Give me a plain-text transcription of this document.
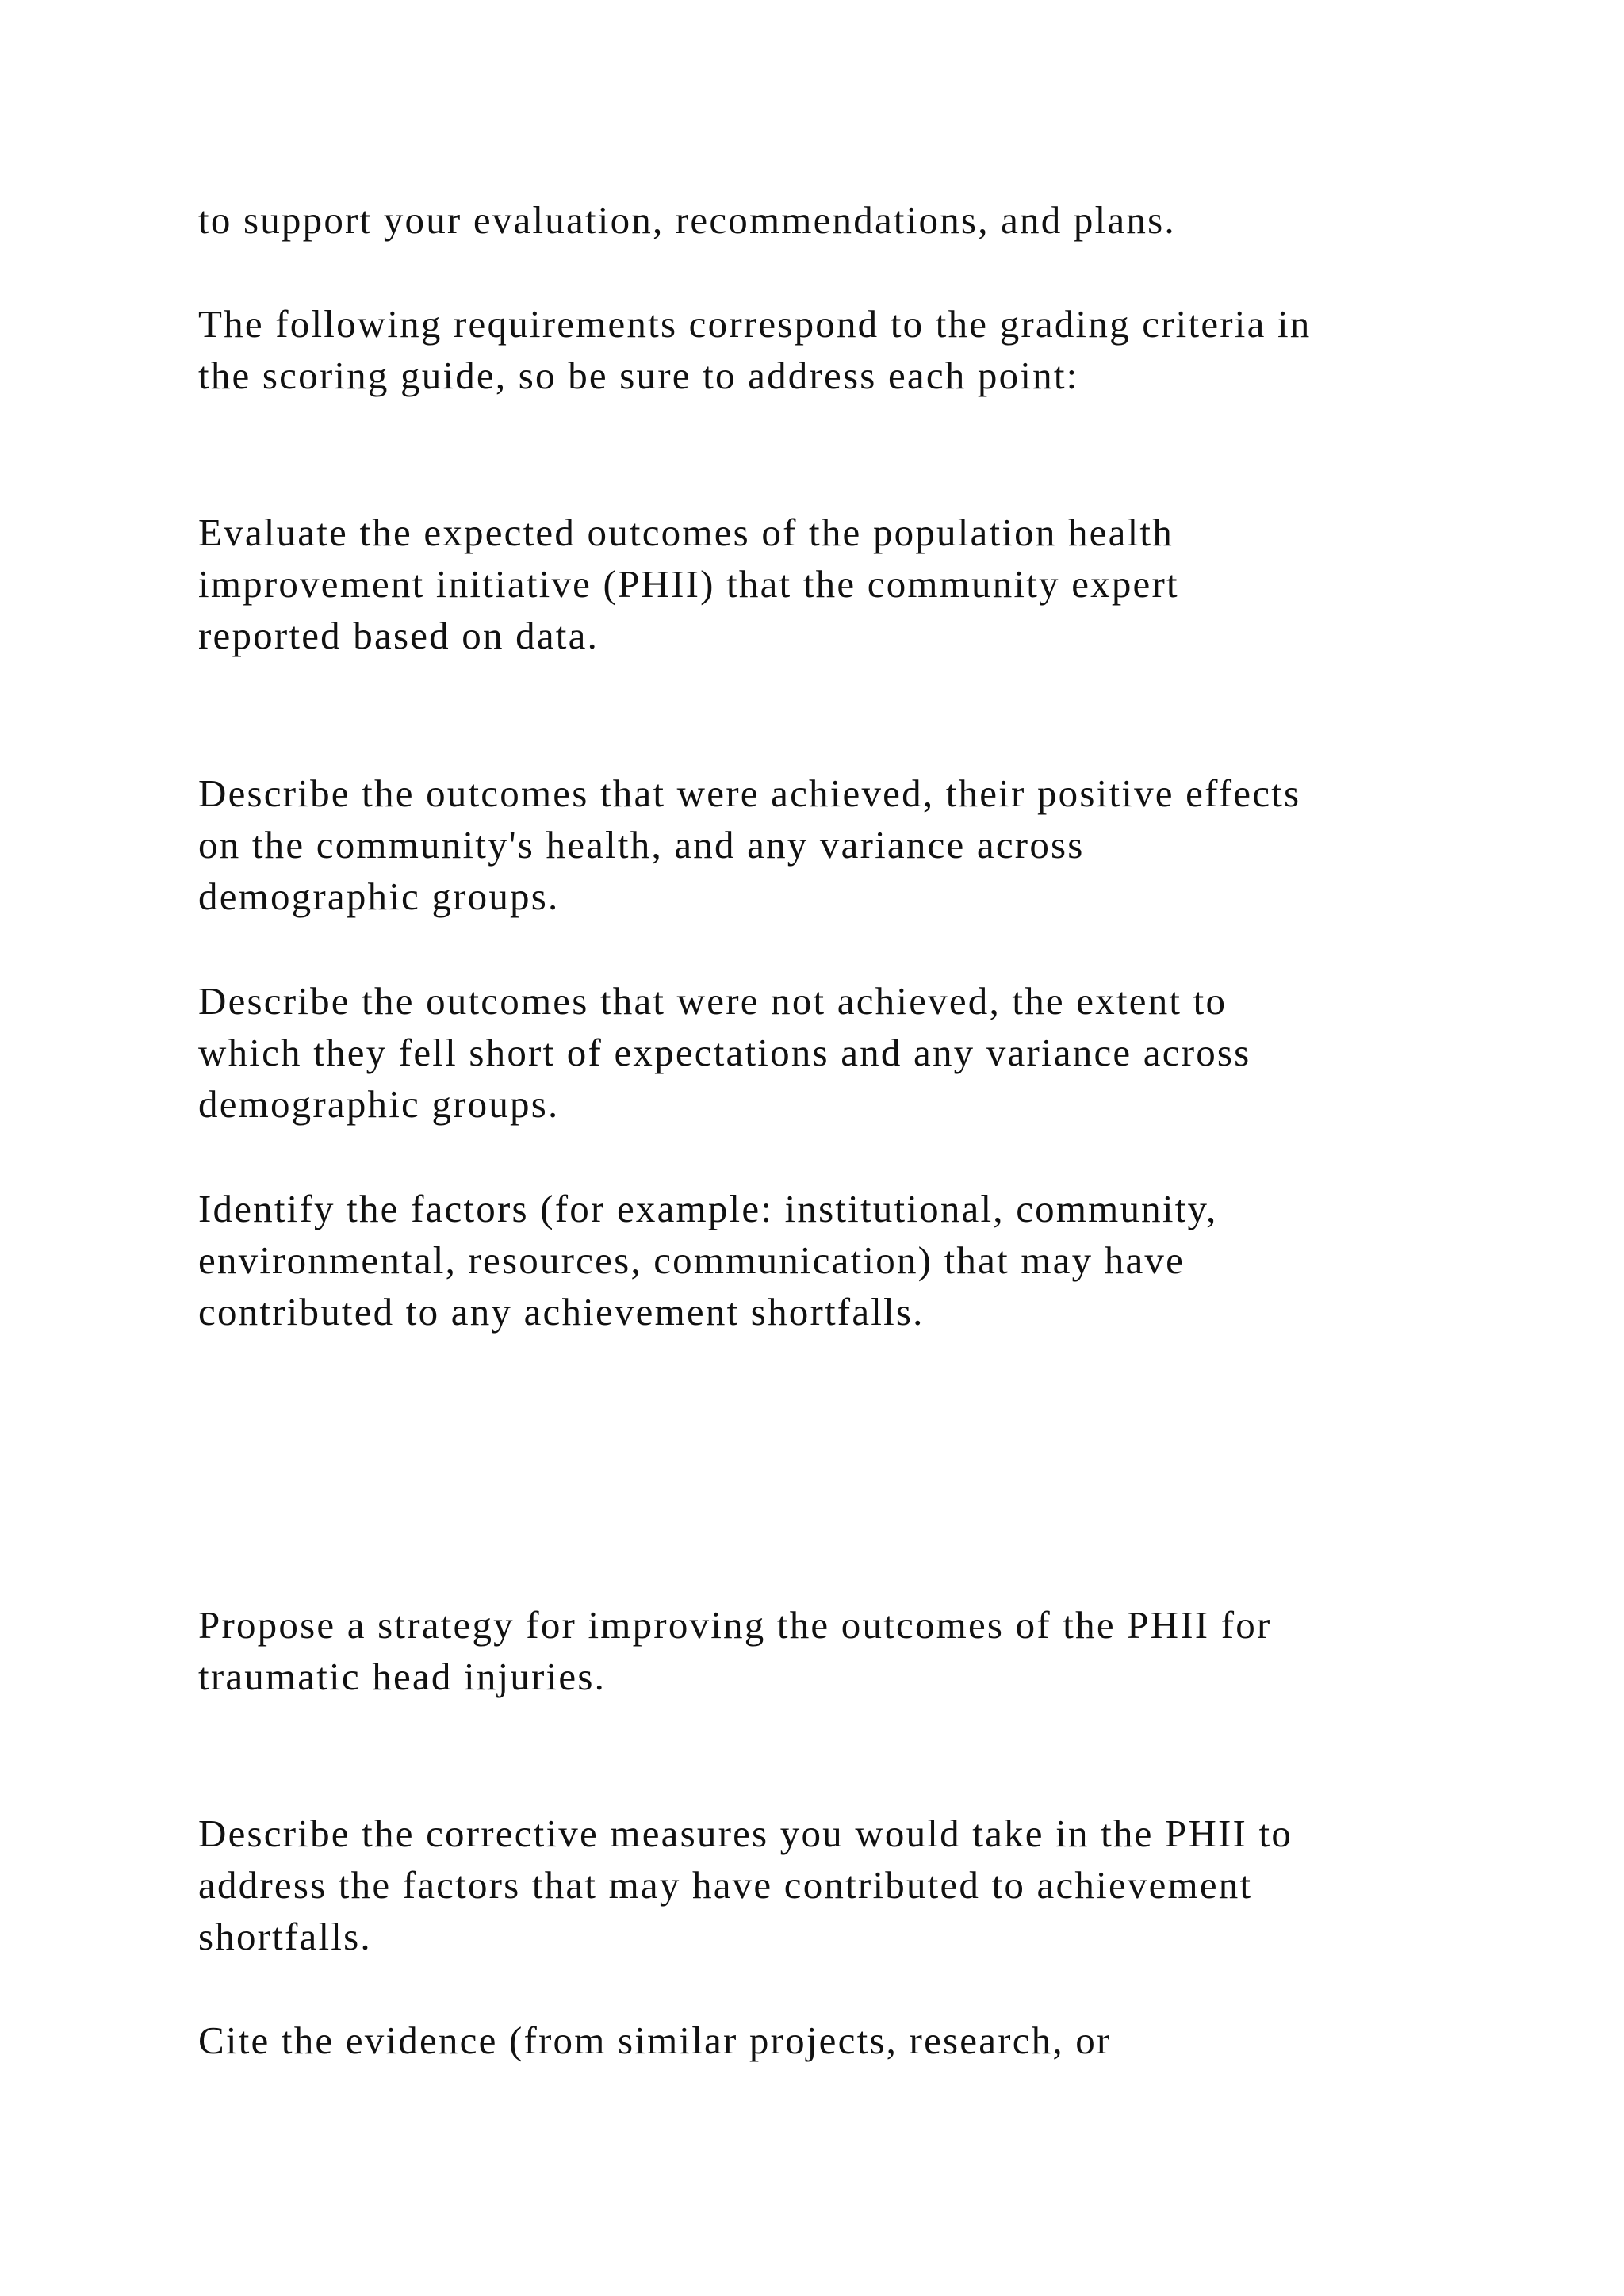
to support your evaluation, recommendations, and plans.

The following requirements correspond to the grading criteria in

the scoring guide, so be sure to address each point:

Evaluate the expected outcomes of the population health

improvement initiative (PHII) that the community expert

reported based on data.

Describe the outcomes that were achieved, their positive effects

on the community's health, and any variance across

demographic groups.

Describe the outcomes that were not achieved, the extent to

which they fell short of expectations and any variance across

demographic groups.

Identify the factors (for example: institutional, community,

environmental, resources, communication) that may have

contributed to any achievement shortfalls.

Propose a strategy for improving the outcomes of the PHII for

traumatic head injuries.

Describe the corrective measures you would take in the PHII to

address the factors that may have contributed to achievement

shortfalls.

Cite the evidence (from similar projects, research, or
